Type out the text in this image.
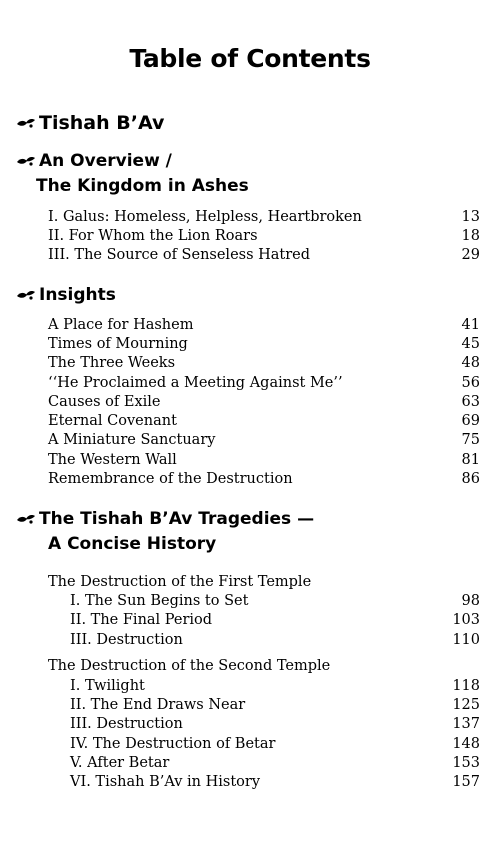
Table of Contents
Tishah B’Av
An Overview /
The Kingdom in Ashes
I. Galus: Homeless, Helpless, Heartbroken	13
II. For Whom the Lion Roars	18
III. The Source of Senseless Hatred	29
Insights
A Place for Hashem	41
Times of Mourning	45
The Three Weeks	48
‘‘He Proclaimed a Meeting Against Me’’	56
Causes of Exile	63
Eternal Covenant	69
A Miniature Sanctuary	75
The Western Wall	81
Remembrance of the Destruction	86
The Tishah B’Av Tragedies —
A Concise History
The Destruction of the First Temple
I. The Sun Begins to Set	98
II. The Final Period	103
III. Destruction	110
The Destruction of the Second Temple
I. Twilight	118
II. The End Draws Near	125
III. Destruction	137
IV. The Destruction of Betar	148
V. After Betar	153
VI. Tishah B’Av in History	157
